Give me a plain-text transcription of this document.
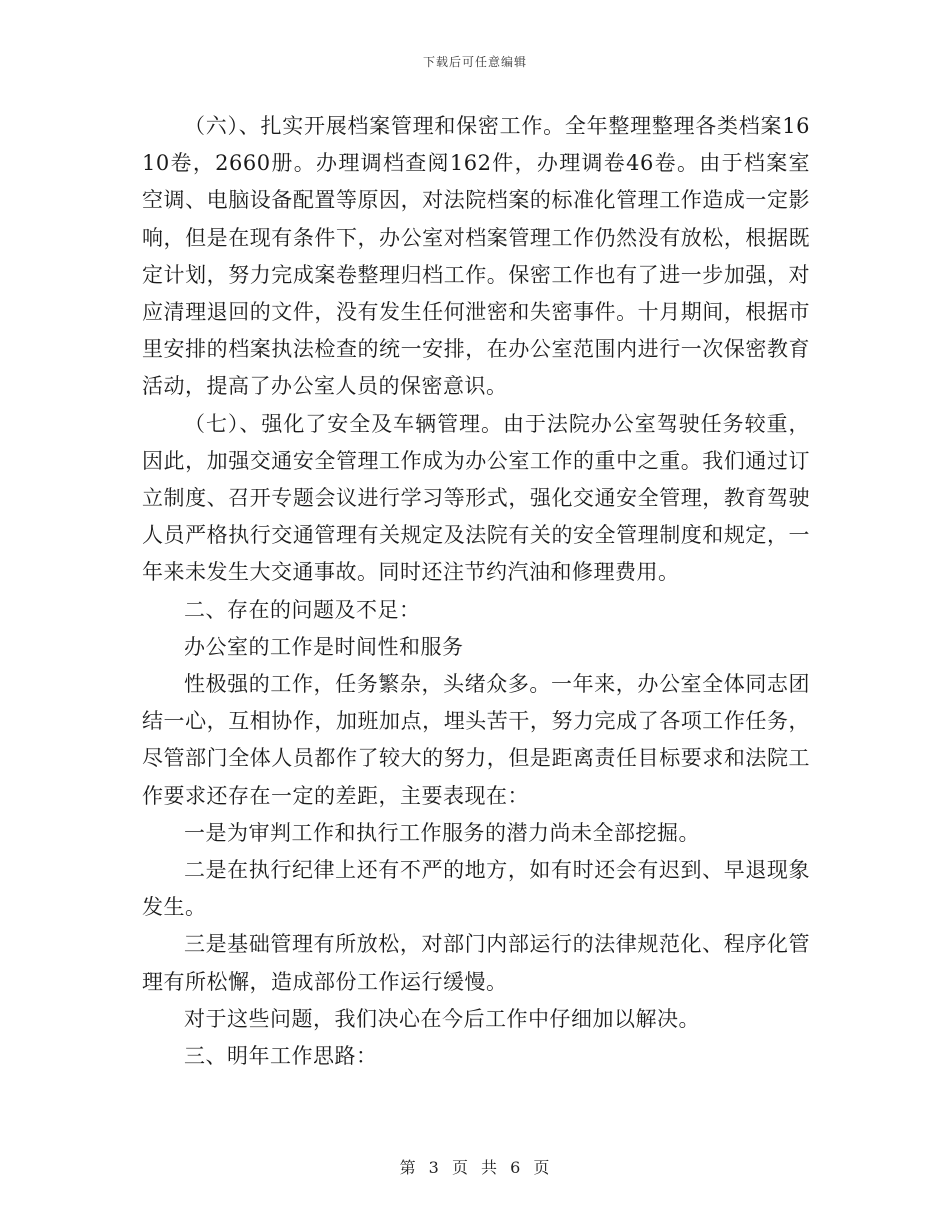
下载后可任意编辑

（六）、扎实开展档案管理和保密工作。全年整理整理各类档案1610卷，2660册。办理调档查阅162件，办理调卷46卷。由于档案室空调、电脑设备配置等原因，对法院档案的标准化管理工作造成一定影响，但是在现有条件下，办公室对档案管理工作仍然没有放松，根据既定计划，努力完成案卷整理归档工作。保密工作也有了进一步加强，对应清理退回的文件，没有发生任何泄密和失密事件。十月期间，根据市里安排的档案执法检查的统一安排，在办公室范围内进行一次保密教育活动，提高了办公室人员的保密意识。

（七）、强化了安全及车辆管理。由于法院办公室驾驶任务较重，因此，加强交通安全管理工作成为办公室工作的重中之重。我们通过订立制度、召开专题会议进行学习等形式，强化交通安全管理，教育驾驶人员严格执行交通管理有关规定及法院有关的安全管理制度和规定，一年来未发生大交通事故。同时还注节约汽油和修理费用。

二、存在的问题及不足：

办公室的工作是时间性和服务

性极强的工作，任务繁杂，头绪众多。一年来，办公室全体同志团结一心，互相协作，加班加点，埋头苦干，努力完成了各项工作任务，尽管部门全体人员都作了较大的努力，但是距离责任目标要求和法院工作要求还存在一定的差距，主要表现在：

一是为审判工作和执行工作服务的潜力尚未全部挖掘。

二是在执行纪律上还有不严的地方，如有时还会有迟到、早退现象发生。

三是基础管理有所放松，对部门内部运行的法律规范化、程序化管理有所松懈，造成部份工作运行缓慢。

对于这些问题，我们决心在今后工作中仔细加以解决。

三、明年工作思路：

第 3 页 共 6 页
